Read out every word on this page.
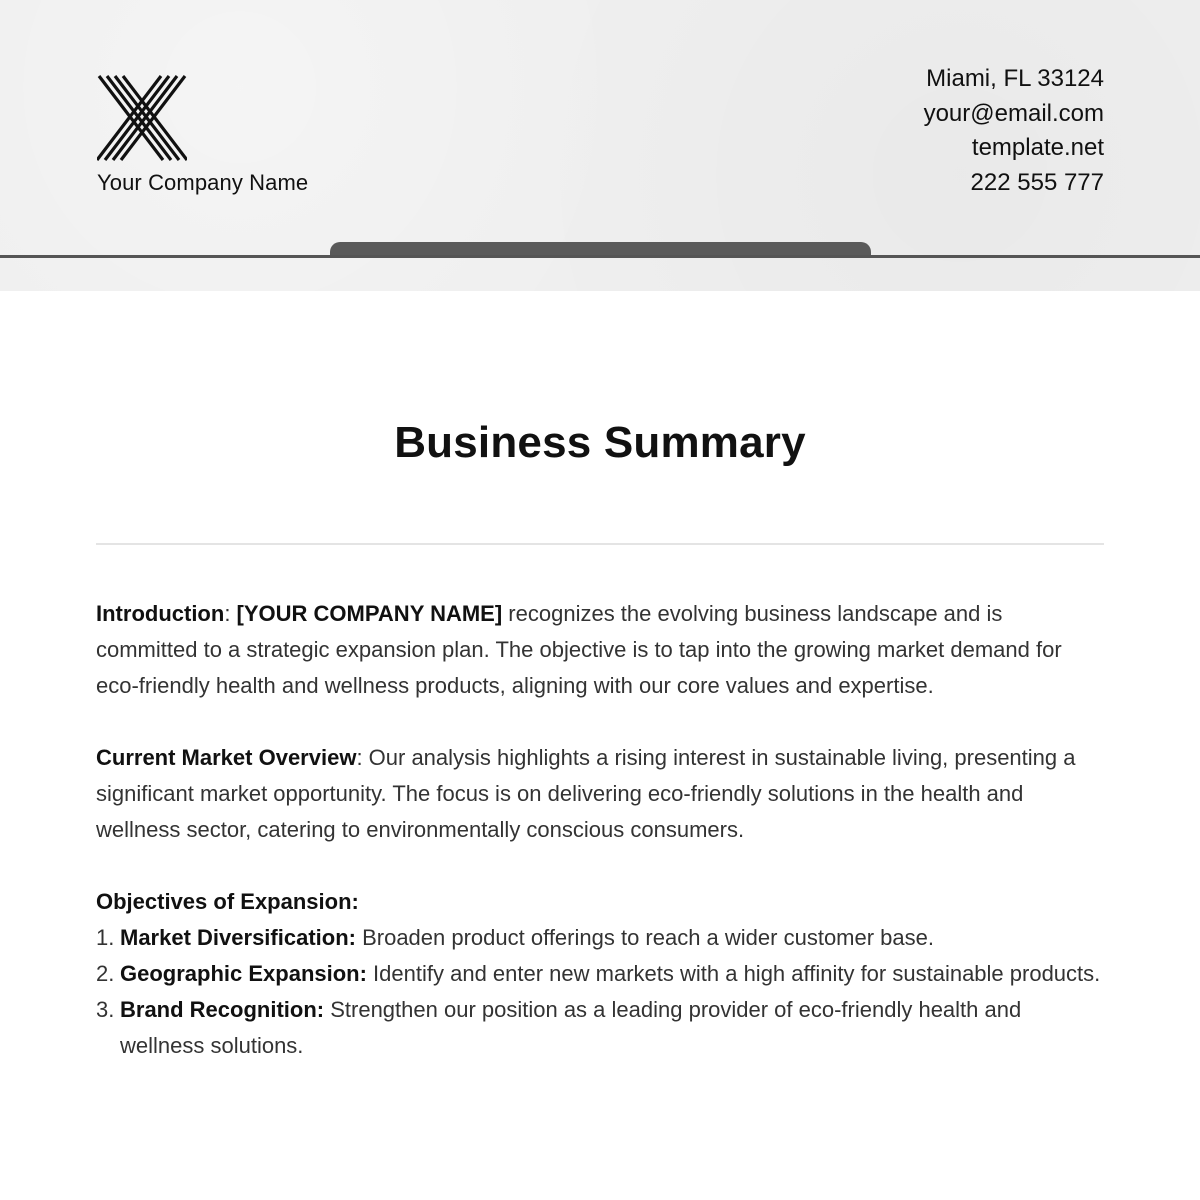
Your Company Name
Miami, FL 33124
your@email.com
template.net
222 555 777
Business Summary

Introduction: [YOUR COMPANY NAME] recognizes the evolving business landscape and is committed to a strategic expansion plan. The objective is to tap into the growing market demand for eco-friendly health and wellness products, aligning with our core values and expertise.

Current Market Overview: Our analysis highlights a rising interest in sustainable living, presenting a significant market opportunity. The focus is on delivering eco-friendly solutions in the health and wellness sector, catering to environmentally conscious consumers.

Objectives of Expansion:
1. Market Diversification: Broaden product offerings to reach a wider customer base.
2. Geographic Expansion: Identify and enter new markets with a high affinity for sustainable products.
3. Brand Recognition: Strengthen our position as a leading provider of eco-friendly health and wellness solutions.
